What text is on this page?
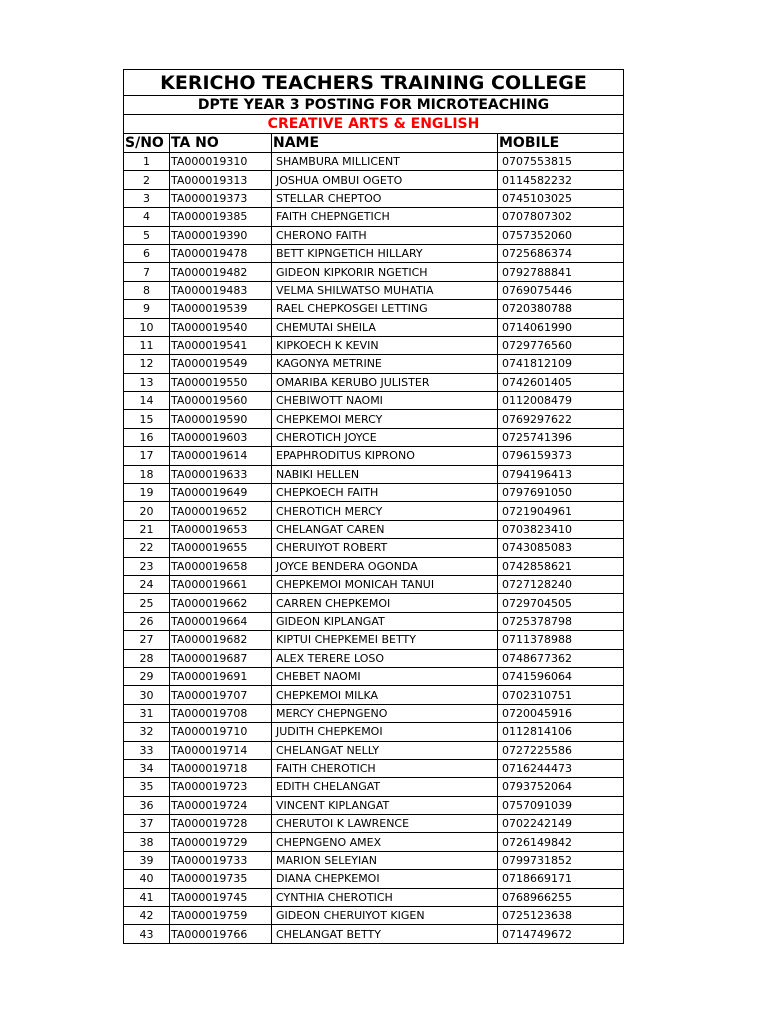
KERICHO TEACHERS TRAINING COLLEGE			
DPTE YEAR 3 POSTING FOR MICROTEACHING			
CREATIVE ARTS & ENGLISH			
S/NO	TA NO	NAME	MOBILE
1	TA000019310	SHAMBURA MILLICENT	0707553815
2	TA000019313	JOSHUA OMBUI OGETO	0114582232
3	TA000019373	STELLAR CHEPTOO	0745103025
4	TA000019385	FAITH CHEPNGETICH	0707807302
5	TA000019390	CHERONO FAITH	0757352060
6	TA000019478	BETT KIPNGETICH HILLARY	0725686374
7	TA000019482	GIDEON KIPKORIR NGETICH	0792788841
8	TA000019483	VELMA SHILWATSO MUHATIA	0769075446
9	TA000019539	RAEL CHEPKOSGEI LETTING	0720380788
10	TA000019540	CHEMUTAI SHEILA	0714061990
11	TA000019541	KIPKOECH K KEVIN	0729776560
12	TA000019549	KAGONYA METRINE	0741812109
13	TA000019550	OMARIBA KERUBO JULISTER	0742601405
14	TA000019560	CHEBIWOTT NAOMI	0112008479
15	TA000019590	CHEPKEMOI MERCY	0769297622
16	TA000019603	CHEROTICH JOYCE	0725741396
17	TA000019614	EPAPHRODITUS KIPRONO	0796159373
18	TA000019633	NABIKI HELLEN	0794196413
19	TA000019649	CHEPKOECH FAITH	0797691050
20	TA000019652	CHEROTICH MERCY	0721904961
21	TA000019653	CHELANGAT CAREN	0703823410
22	TA000019655	CHERUIYOT ROBERT	0743085083
23	TA000019658	JOYCE BENDERA OGONDA	0742858621
24	TA000019661	CHEPKEMOI MONICAH TANUI	0727128240
25	TA000019662	CARREN CHEPKEMOI	0729704505
26	TA000019664	GIDEON KIPLANGAT	0725378798
27	TA000019682	KIPTUI CHEPKEMEI BETTY	0711378988
28	TA000019687	ALEX TERERE LOSO	0748677362
29	TA000019691	CHEBET NAOMI	0741596064
30	TA000019707	CHEPKEMOI MILKA	0702310751
31	TA000019708	MERCY CHEPNGENO	0720045916
32	TA000019710	JUDITH CHEPKEMOI	0112814106
33	TA000019714	CHELANGAT NELLY	0727225586
34	TA000019718	FAITH CHEROTICH	0716244473
35	TA000019723	EDITH CHELANGAT	0793752064
36	TA000019724	VINCENT KIPLANGAT	0757091039
37	TA000019728	CHERUTOI K LAWRENCE	0702242149
38	TA000019729	CHEPNGENO AMEX	0726149842
39	TA000019733	MARION SELEYIAN	0799731852
40	TA000019735	DIANA CHEPKEMOI	0718669171
41	TA000019745	CYNTHIA CHEROTICH	0768966255
42	TA000019759	GIDEON CHERUIYOT KIGEN	0725123638
43	TA000019766	CHELANGAT BETTY	0714749672
